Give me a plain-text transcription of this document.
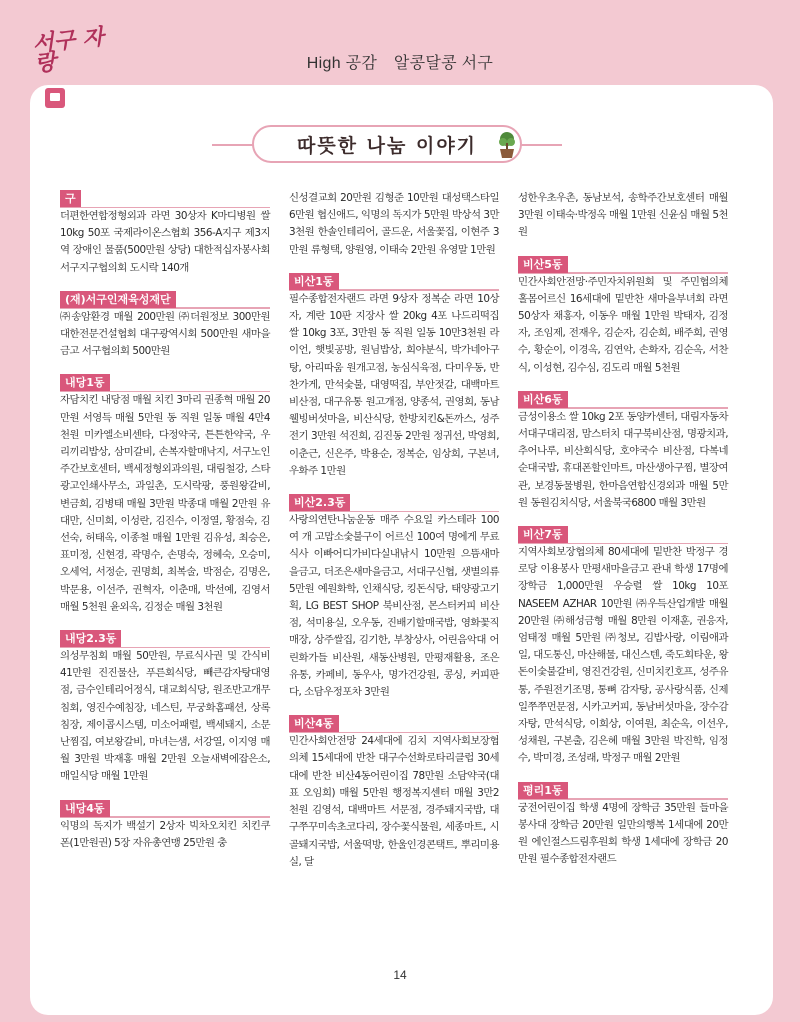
서구 자랑	High 공감 알콩달콩 서구
따뜻한 나눔 이야기
구
더편한연합정형외과 라면 30상자 K마디병원 쌀 10kg 50포 국제라이온스협회 356-A지구 제3지역 장애인 물품(500만원 상당) 대한적십자봉사회 서구지구협의회 도시락 140개
(재)서구인재육성재단
㈜송암환경 매월 200만원 ㈜더원정보 300만원 대한전문건설협회 대구광역시회 500만원 새마을금고 서구협의회 500만원
내당1동
자담치킨 내당점 매월 치킨 3마리 권종혁 매월 20만원 서영득 매월 5만원 동 직원 일동 매월 4만4천원 미카엘소비센타, 다정약국, 튼튼한약국, 우리끼리밥상, 삼미갈비, 손복자할매낙지, 서구노인주간보호센터, 백세정형외과의원, 대림철강, 스타광고인쇄사무소, 과일촌, 도시락팡, 풍원왕갈비, 변금희, 김병태 매월 3만원 박종대 매월 2만원 유대만, 신미희, 이성란, 김진수, 이정열, 황점숙, 김선숙, 허태옥, 이종철 매월 1만원 김유성, 최승은, 표미정, 신현경, 곽명수, 손명숙, 정혜숙, 오승미, 오세억, 서정순, 권명희, 최복술, 박점순, 김명은, 박문용, 이선주, 권혁자, 이춘매, 박선예, 김영서 매월 5천원 윤외옥, 김정순 매월 3천원
내당2.3동
의성무침회 매월 50만원, 무료식사권 및 간식비 41만원 진진물산, 푸른회식당, 빼큰감자탕대영점, 금수인테리어정식, 대교회식당, 원조반고개무침회, 영진수예침장, 네스틴, 무궁화홈패션, 상록침장, 제이콥시스템, 미소어패럴, 백세돼지, 소문난찜집, 여보왕갈비, 마녀는샘, 서강열, 이지영 매월 3만원 박재홍 매월 2만원 오늘새벽에잡은소, 매일식당 매월 1만원
내당4동
익명의 독지가 백설기 2상자 빅차오치킨 치킨쿠폰(1만원권) 5장 자유총연맹 25만원 충
신성결교회 20만원 김형준 10만원 대성택스타일 6만원 협신애드, 익명의 독지가 5만원 박상석 3만3천원 한솔인테리어, 골드운, 서울꽃집, 이현주 3만원 류형택, 양원영, 이태숙 2만원 유영말 1만원
비산1동
필수종합전자랜드 라면 9상자 정복순 라면 10상자, 계란 10판 지장사 쌀 20kg 4포 나드리떡집 쌀 10kg 3포, 3만원 동 직원 일동 10만3천원 라이언, 햇빛공방, 원님밥상, 희야분식, 박가네아구탕, 아리따움 원개고점, 농심식육점, 다미우동, 반찬가게, 만석숯불, 대영떡집, 부안젓갈, 대백마트 비산점, 대구유통 원고개점, 양종석, 권영희, 동남웰빙버섯마을, 비산식당, 한방치킨&돈까스, 성주전기 3만원 석진희, 김진동 2만원 정귀선, 박영희, 이춘근, 신은주, 박용순, 정복순, 임상희, 구본녀, 우화주 1만원
비산2.3동
사랑의연탄나눔운동 매주 수요일 카스테라 100여 개 고맙소숯불구이 어르신 100여 명에게 무료식사 이빠어디가비다실내낚시 10만원 으뜸새마을금고, 더조은새마을금고, 서대구신협, 샛별의류 5만원 예원화학, 인채식당, 킹돈식당, 태양광고기획, LG BEST SHOP 북비산점, 몬스터커피 비산점, 석미용실, 오우동, 진배기할매국밥, 영화꽃직매장, 상주쌀집, 김기한, 부창상사, 어린음악대 어린화가들 비산원, 새동산병원, 만평재활용, 조은유통, 카페비, 동우사, 명가건강원, 콩싱, 커피판다, 소담우정포차 3만원
비산4동
민간사회안전망 24세대에 김치 지역사회보장협의체 15세대에 반찬 대구수선화로타리클럽 30세대에 반찬 비산4동어린이집 78만원 소담약국(대표 오임희) 매월 5만원 행정복지센터 매월 3만2천원 김영석, 대백마트 서문점, 경주돼지국밥, 대구쭈꾸미속초코다리, 장수꽃식물원, 세종마트, 시골돼지국밥, 서울떡방, 한울인경콘택트, 뿌리미용실, 달
성한우초우촌, 동남보석, 송학주간보호센터 매월 3만원 이태숙·박정옥 매월 1만원 신윤심 매월 5천원
비산5동
민간사회안전망·주민자치위원회 및 주민협의체 홀몸어르신 16세대에 밑반찬 새마을부녀회 라면 50상자 채홍자, 이동우 매월 1만원 박태자, 김정자, 조임제, 전재우, 김순자, 김순희, 배주희, 권영수, 황순이, 이경옥, 김연악, 손화자, 김순옥, 서찬식, 이성현, 김수심, 김도리 매월 5천원
비산6동
금성이용소 쌀 10kg 2포 동양카센터, 대림자동차 서대구대리점, 맘스터치 대구북비산점, 명광치과, 추어나루, 비산회식당, 호야국수 비산점, 다복네순대국밥, 휴대폰할인마트, 마산생아구찜, 별장여관, 보경동물병원, 한마음연합신경외과 매월 5만원 동원김치식당, 서울북국6800 매월 3만원
비산7동
지역사회보장협의체 80세대에 밑반찬 박정구 경로당 이용봉사 만평새마을금고 관내 학생 17명에 장학금 1,000만원 우승렬 쌀 10kg 10포 NASEEM AZHAR 10만원 ㈜우득산업개발 매월 20만원 ㈜해성금형 매월 8만원 이재훈, 권응자, 엄태정 매월 5만원 ㈜청보, 김밥사랑, 이림애과일, 대도통신, 마산해물, 대신스텐, 죽도회타운, 왕돈이숯불갈비, 영진건강원, 신미치킨호프, 성주유통, 주원전기조명, 통뼈 감자탕, 공사랑식품, 신제일쭈쭈먼문점, 시카고커피, 동남버섯마을, 장수감자탕, 만석식당, 이희상, 이여원, 최순옥, 이선우, 성채원, 구본출, 김은혜 매월 3만원 박진학, 임정수, 박미경, 조성래, 박정구 매월 2만원
평리1동
궁전어린이집 학생 4명에 장학금 35만원 들마을봉사대 장학금 20만원 일만의행복 1세대에 20만원 에인절스드림후원회 학생 1세대에 장학금 20만원 필수종합전자랜드
14
